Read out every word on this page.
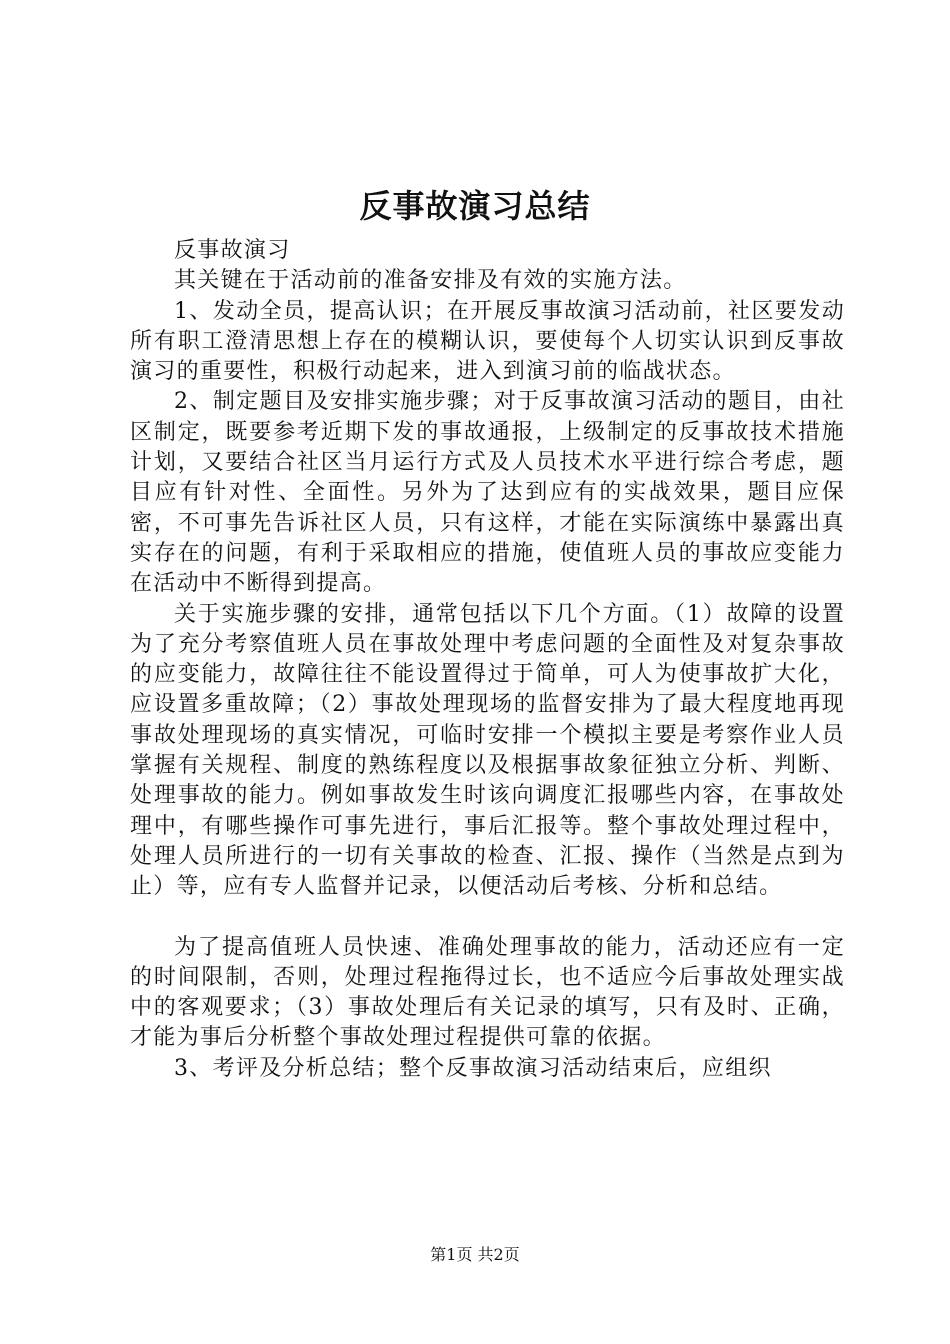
反事故演习总结

反事故演习

其关键在于活动前的准备安排及有效的实施方法。

1、发动全员，提高认识；在开展反事故演习活动前，社区要发动所有职工澄清思想上存在的模糊认识，要使每个人切实认识到反事故演习的重要性，积极行动起来，进入到演习前的临战状态。

2、制定题目及安排实施步骤；对于反事故演习活动的题目，由社区制定，既要参考近期下发的事故通报，上级制定的反事故技术措施计划，又要结合社区当月运行方式及人员技术水平进行综合考虑，题目应有针对性、全面性。另外为了达到应有的实战效果，题目应保密，不可事先告诉社区人员，只有这样，才能在实际演练中暴露出真实存在的问题，有利于采取相应的措施，使值班人员的事故应变能力在活动中不断得到提高。

关于实施步骤的安排，通常包括以下几个方面。（1）故障的设置为了充分考察值班人员在事故处理中考虑问题的全面性及对复杂事故的应变能力，故障往往不能设置得过于简单，可人为使事故扩大化，应设置多重故障；（2）事故处理现场的监督安排为了最大程度地再现事故处理现场的真实情况，可临时安排一个模拟主要是考察作业人员掌握有关规程、制度的熟练程度以及根据事故象征独立分析、判断、处理事故的能力。例如事故发生时该向调度汇报哪些内容，在事故处理中，有哪些操作可事先进行，事后汇报等。整个事故处理过程中，处理人员所进行的一切有关事故的检查、汇报、操作（当然是点到为止）等，应有专人监督并记录，以便活动后考核、分析和总结。

为了提高值班人员快速、准确处理事故的能力，活动还应有一定的时间限制，否则，处理过程拖得过长，也不适应今后事故处理实战中的客观要求；（3）事故处理后有关记录的填写，只有及时、正确，才能为事后分析整个事故处理过程提供可靠的依据。

3、考评及分析总结；整个反事故演习活动结束后，应组织

第1页 共2页
